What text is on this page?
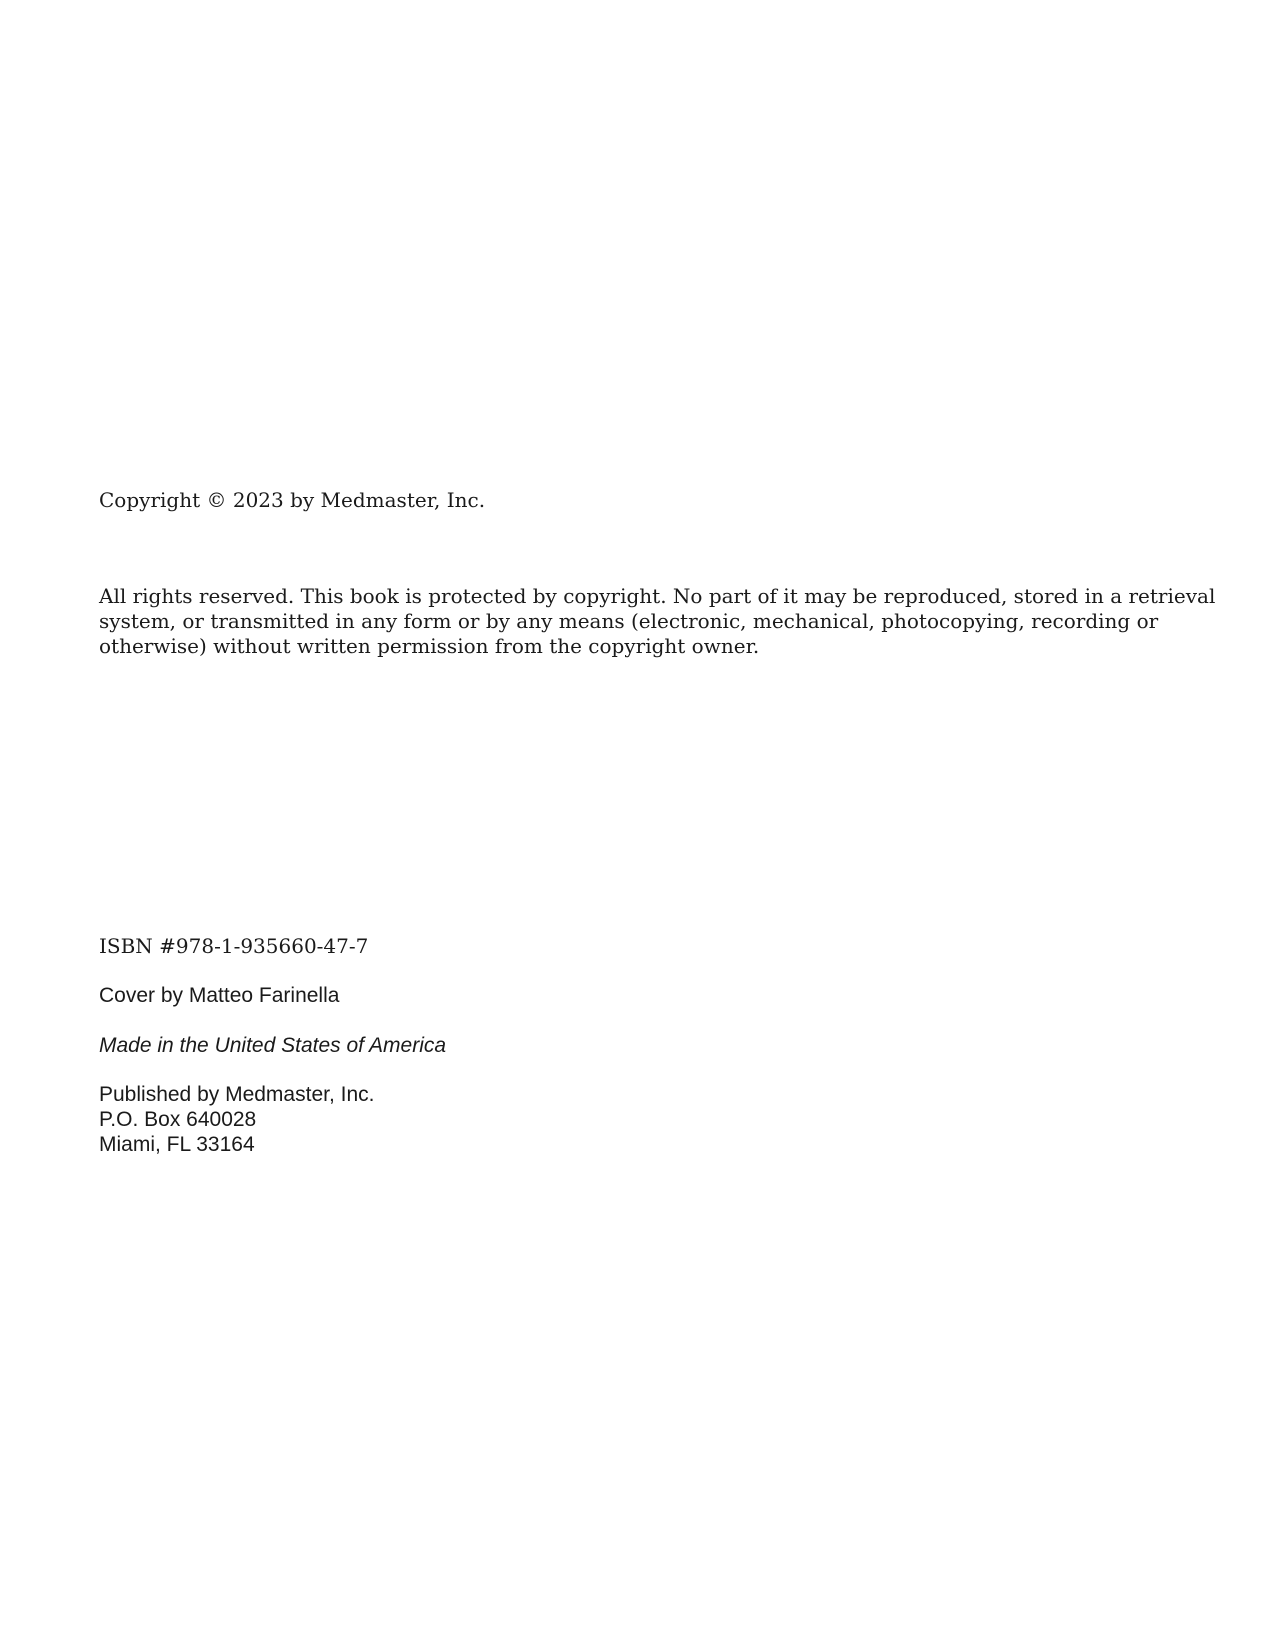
Copyright © 2023 by Medmaster, Inc.

All rights reserved. This book is protected by copyright. No part of it may be reproduced, stored in a retrieval
system, or transmitted in any form or by any means (electronic, mechanical, photocopying, recording or
otherwise) without written permission from the copyright owner.

ISBN #978-1-935660-47-7

Cover by Matteo Farinella

Made in the United States of America

Published by Medmaster, Inc.
P.O. Box 640028
Miami, FL 33164
